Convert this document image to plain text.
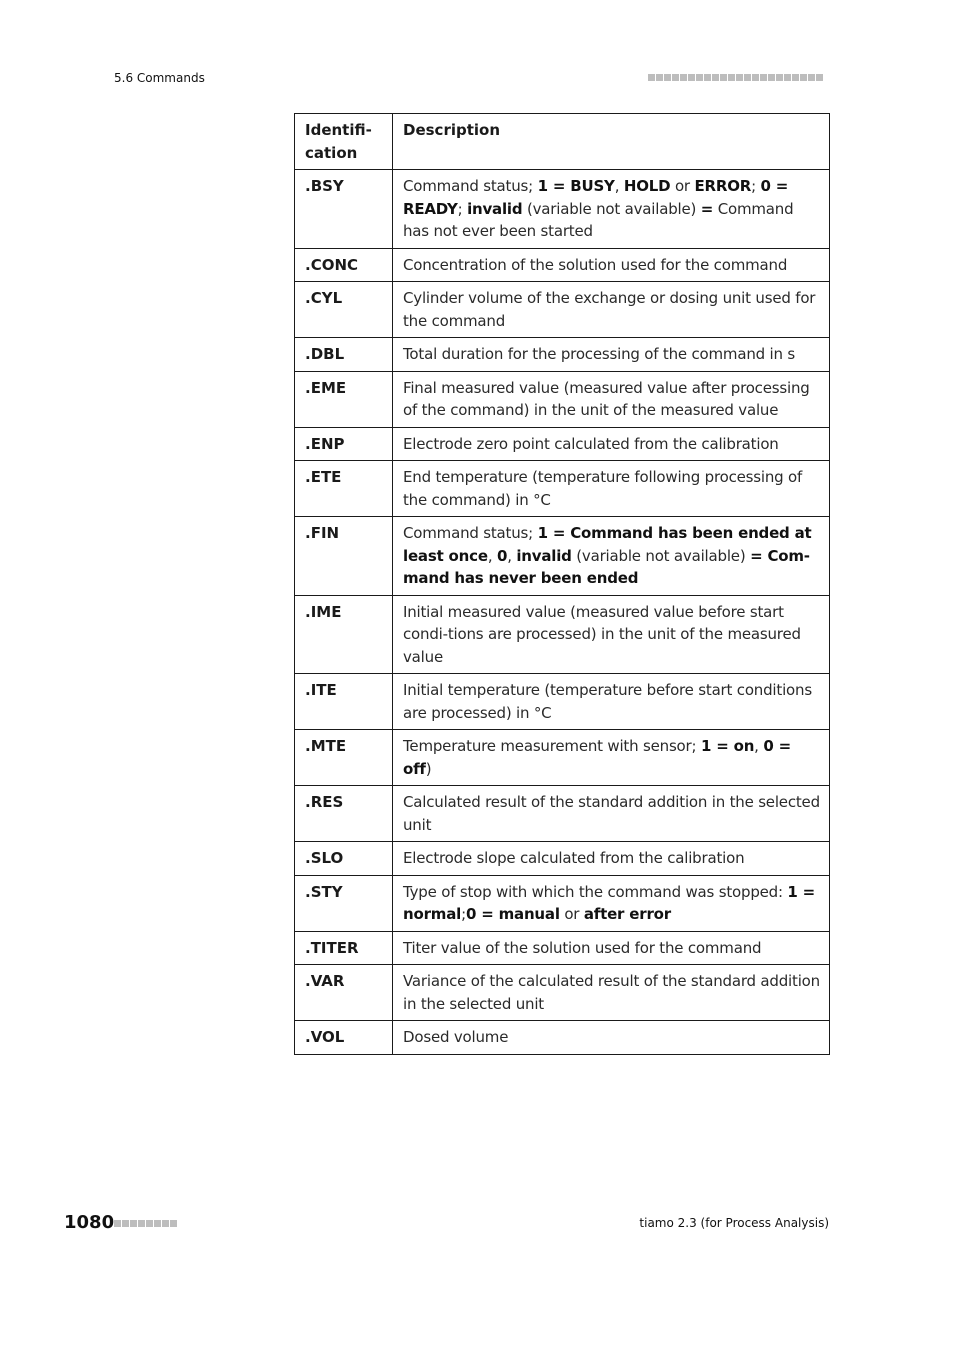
5.6 Commands
Identifi-
cation	Description
.BSY	Command status; 1 = BUSY, HOLD or ERROR; 0 = READY; invalid (variable not available) = Command has not ever been started
.CONC	Concentration of the solution used for the command
.CYL	Cylinder volume of the exchange or dosing unit used for the command
.DBL	Total duration for the processing of the command in s
.EME	Final measured value (measured value after processing of the command) in the unit of the measured value
.ENP	Electrode zero point calculated from the calibration
.ETE	End temperature (temperature following processing of the command) in °C
.FIN	Command status; 1 = Command has been ended at least once, 0, invalid (variable not available) = Com-mand has never been ended
.IME	Initial measured value (measured value before start condi-tions are processed) in the unit of the measured value
.ITE	Initial temperature (temperature before start conditions are processed) in °C
.MTE	Temperature measurement with sensor; 1 = on, 0 = off)
.RES	Calculated result of the standard addition in the selected unit
.SLO	Electrode slope calculated from the calibration
.STY	Type of stop with which the command was stopped: 1 = normal;0 = manual or after error
.TITER	Titer value of the solution used for the command
.VAR	Variance of the calculated result of the standard addition in the selected unit
.VOL	Dosed volume
1080	tiamo 2.3 (for Process Analysis)
